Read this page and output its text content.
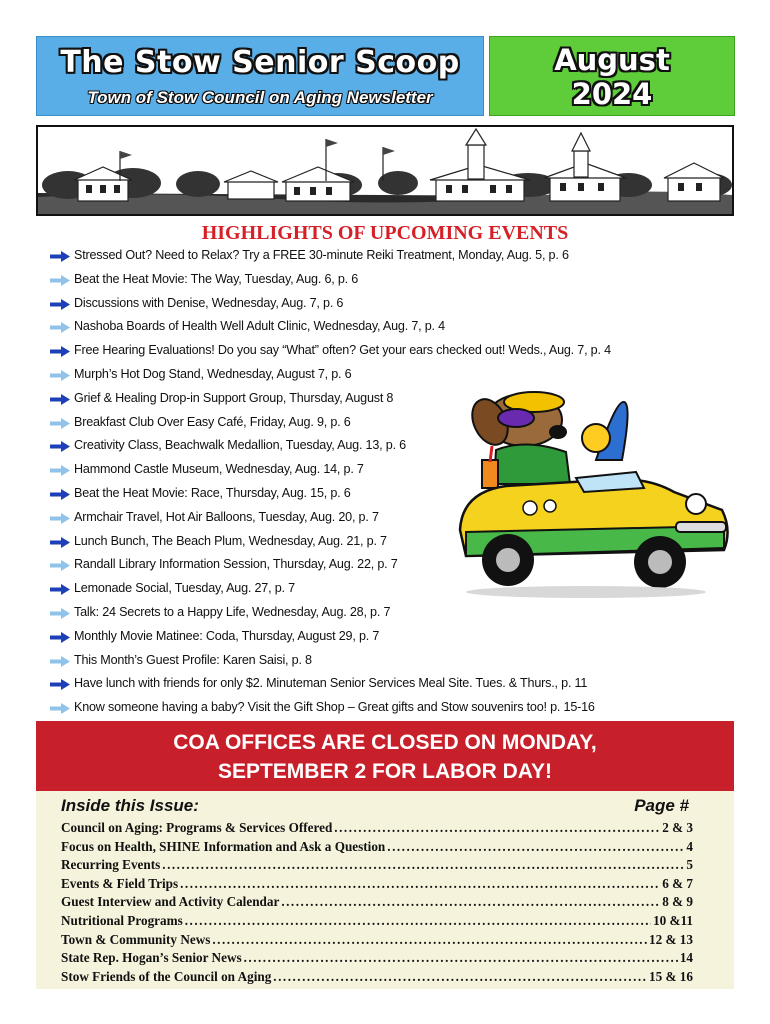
The Stow Senior Scoop
Town of Stow Council on Aging Newsletter
August
2024
HIGHLIGHTS OF UPCOMING EVENTS
Stressed Out? Need to Relax? Try a FREE 30-minute Reiki Treatment, Monday, Aug. 5, p. 6
Beat the Heat Movie: The Way, Tuesday, Aug. 6, p. 6
Discussions with Denise, Wednesday, Aug. 7, p. 6
Nashoba Boards of Health Well Adult Clinic, Wednesday, Aug. 7, p. 4
Free Hearing Evaluations! Do you say “What” often? Get your ears checked out! Weds., Aug. 7, p. 4
Murph’s Hot Dog Stand, Wednesday, August 7, p. 6
Grief & Healing Drop-in Support Group, Thursday, August 8
Breakfast Club Over Easy Café, Friday, Aug. 9, p. 6
Creativity Class, Beachwalk Medallion, Tuesday, Aug. 13, p. 6
Hammond Castle Museum, Wednesday, Aug. 14, p. 7
Beat the Heat Movie: Race, Thursday, Aug. 15, p. 6
Armchair Travel, Hot Air Balloons, Tuesday, Aug. 20, p. 7
Lunch Bunch, The Beach Plum, Wednesday, Aug. 21, p. 7
Randall Library Information Session, Thursday, Aug. 22, p. 7
Lemonade Social, Tuesday, Aug. 27, p. 7
Talk: 24 Secrets to a Happy Life, Wednesday, Aug. 28, p. 7
Monthly Movie Matinee: Coda, Thursday, August 29, p. 7
This Month’s Guest Profile: Karen Saisi, p. 8
Have lunch with friends for only $2. Minuteman Senior Services Meal Site. Tues. & Thurs., p. 11
Know someone having a baby? Visit the Gift Shop – Great gifts and Stow souvenirs too! p. 15-16
COA OFFICES ARE CLOSED ON MONDAY,
SEPTEMBER 2 FOR LABOR DAY!
Inside this Issue:	Page #
Council on Aging: Programs & Services Offered .....	2 & 3
Focus on Health, SHINE Information and Ask a Question .....	4
Recurring Events .....	5
Events & Field Trips .....	6 & 7
Guest Interview and Activity Calendar .....	8 & 9
Nutritional Programs .....	10 &11
Town & Community News .....	12 & 13
State Rep. Hogan’s Senior News .....	14
Stow Friends of the Council on Aging .....	15 & 16
